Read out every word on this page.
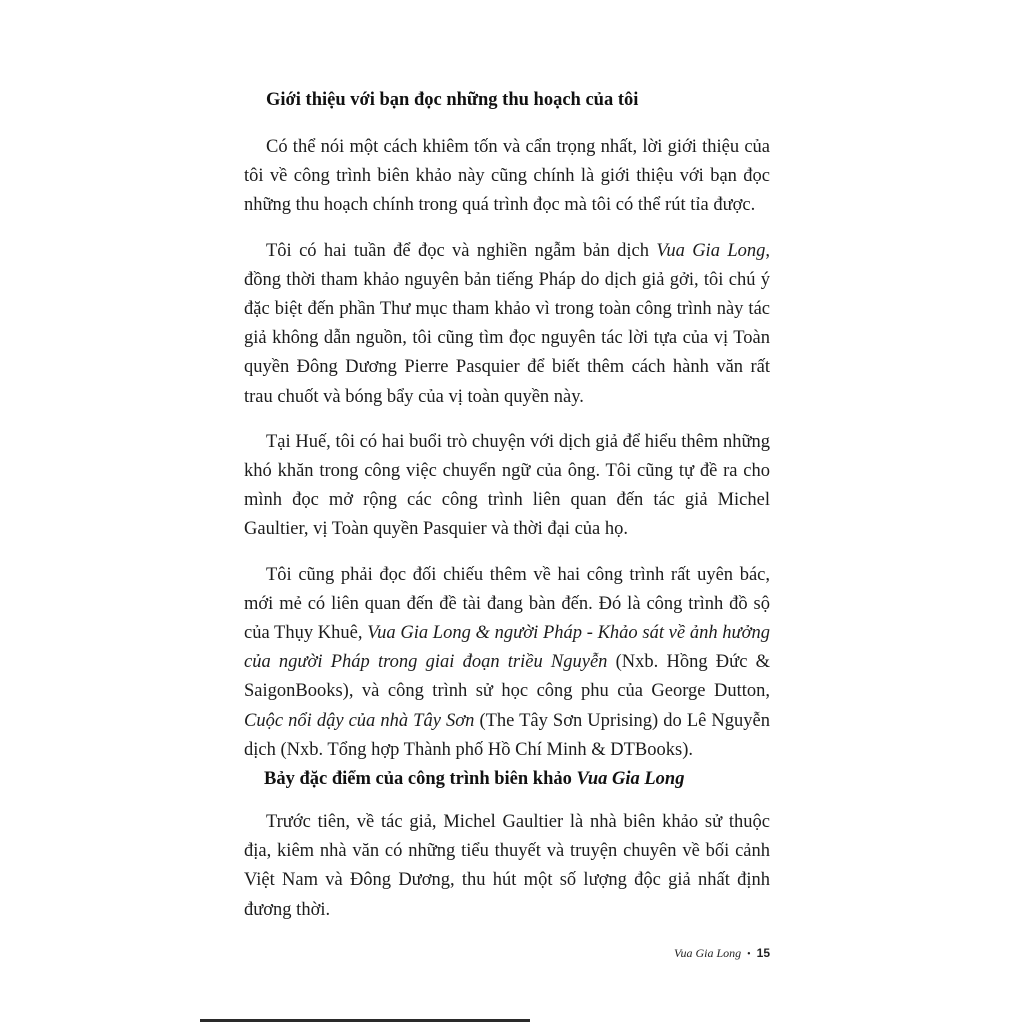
Giới thiệu với bạn đọc những thu hoạch của tôi

Có thể nói một cách khiêm tốn và cẩn trọng nhất, lời giới thiệu của tôi về công trình biên khảo này cũng chính là giới thiệu với bạn đọc những thu hoạch chính trong quá trình đọc mà tôi có thể rút tỉa được.

Tôi có hai tuần để đọc và nghiền ngẫm bản dịch Vua Gia Long, đồng thời tham khảo nguyên bản tiếng Pháp do dịch giả gởi, tôi chú ý đặc biệt đến phần Thư mục tham khảo vì trong toàn công trình này tác giả không dẫn nguồn, tôi cũng tìm đọc nguyên tác lời tựa của vị Toàn quyền Đông Dương Pierre Pasquier để biết thêm cách hành văn rất trau chuốt và bóng bẩy của vị toàn quyền này.

Tại Huế, tôi có hai buổi trò chuyện với dịch giả để hiểu thêm những khó khăn trong công việc chuyển ngữ của ông. Tôi cũng tự đề ra cho mình đọc mở rộng các công trình liên quan đến tác giả Michel Gaultier, vị Toàn quyền Pasquier và thời đại của họ.

Tôi cũng phải đọc đối chiếu thêm về hai công trình rất uyên bác, mới mẻ có liên quan đến đề tài đang bàn đến. Đó là công trình đồ sộ của Thụy Khuê, Vua Gia Long & người Pháp - Khảo sát về ảnh hưởng của người Pháp trong giai đoạn triều Nguyễn (Nxb. Hồng Đức & SaigonBooks), và công trình sử học công phu của George Dutton, Cuộc nổi dậy của nhà Tây Sơn (The Tây Sơn Uprising) do Lê Nguyễn dịch (Nxb. Tổng hợp Thành phố Hồ Chí Minh & DTBooks).

Bảy đặc điểm của công trình biên khảo Vua Gia Long

Trước tiên, về tác giả, Michel Gaultier là nhà biên khảo sử thuộc địa, kiêm nhà văn có những tiểu thuyết và truyện chuyên về bối cảnh Việt Nam và Đông Dương, thu hút một số lượng độc giả nhất định đương thời.

Vua Gia Long • 15
